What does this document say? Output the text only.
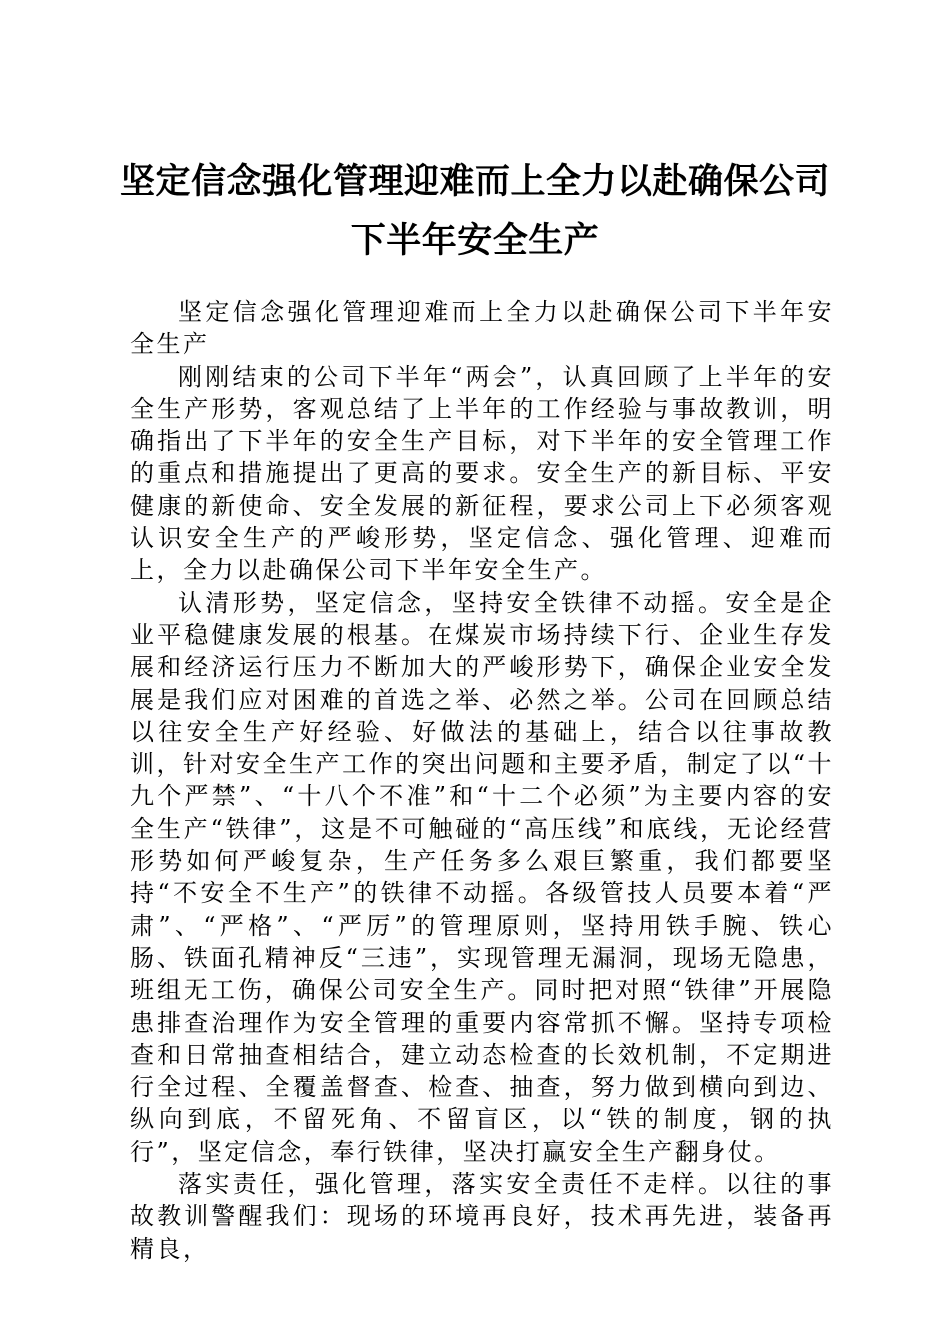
坚定信念强化管理迎难而上全力以赴确保公司
下半年安全生产

坚定信念强化管理迎难而上全力以赴确保公司下半年安全生产

刚刚结束的公司下半年“两会”，认真回顾了上半年的安全生产形势，客观总结了上半年的工作经验与事故教训，明确指出了下半年的安全生产目标，对下半年的安全管理工作的重点和措施提出了更高的要求。安全生产的新目标、平安健康的新使命、安全发展的新征程，要求公司上下必须客观认识安全生产的严峻形势，坚定信念、强化管理、迎难而上，全力以赴确保公司下半年安全生产。

认清形势，坚定信念，坚持安全铁律不动摇。安全是企业平稳健康发展的根基。在煤炭市场持续下行、企业生存发展和经济运行压力不断加大的严峻形势下，确保企业安全发展是我们应对困难的首选之举、必然之举。公司在回顾总结以往安全生产好经验、好做法的基础上，结合以往事故教训，针对安全生产工作的突出问题和主要矛盾，制定了以“十九个严禁”、“十八个不准”和“十二个必须”为主要内容的安全生产“铁律”，这是不可触碰的“高压线”和底线，无论经营形势如何严峻复杂，生产任务多么艰巨繁重，我们都要坚持“不安全不生产”的铁律不动摇。各级管技人员要本着“严肃”、“严格”、“严厉”的管理原则，坚持用铁手腕、铁心肠、铁面孔精神反“三违”，实现管理无漏洞，现场无隐患，班组无工伤，确保公司安全生产。同时把对照“铁律”开展隐患排查治理作为安全管理的重要内容常抓不懈。坚持专项检查和日常抽查相结合，建立动态检查的长效机制，不定期进行全过程、全覆盖督查、检查、抽查，努力做到横向到边、纵向到底，不留死角、不留盲区，以“铁的制度，钢的执行”，坚定信念，奉行铁律，坚决打赢安全生产翻身仗。

落实责任，强化管理，落实安全责任不走样。以往的事故教训警醒我们：现场的环境再良好，技术再先进，装备再精良，
